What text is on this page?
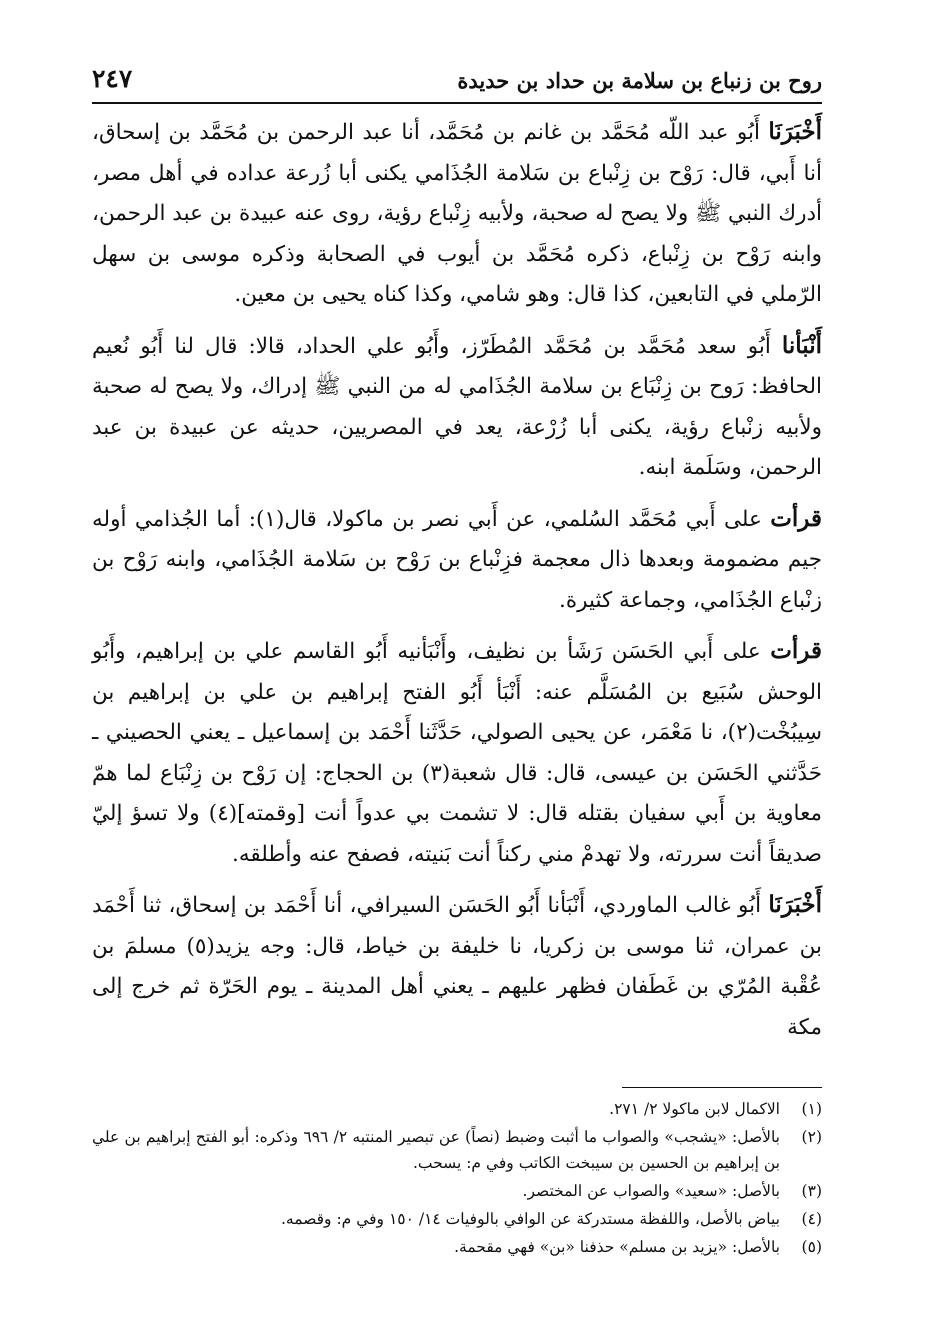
٢٤٧	روح بن زنباع بن سلامة بن حداد بن حديدة

أَخْبَرَنَا أَبُو عبد اللّه مُحَمَّد بن غانم بن مُحَمَّد، أنا عبد الرحمن بن مُحَمَّد بن إسحاق، أنا أَبي، قال: رَوْح بن زِنْباع بن سَلامة الجُذَامي يكنى أبا زُرعة عداده في أهل مصر، أدرك النبي ﷺ ولا يصح له صحبة، ولأبيه زِنْباع رؤية، روى عنه عبيدة بن عبد الرحمن، وابنه رَوْح بن زِنْباع، ذكره مُحَمَّد بن أيوب في الصحابة وذكره موسى بن سهل الرّملي في التابعين، كذا قال: وهو شامي، وكذا كناه يحيى بن معين.

أَنْبَأنا أَبُو سعد مُحَمَّد بن مُحَمَّد المُطَرّز، وأَبُو علي الحداد، قالا: قال لنا أَبُو نُعيم الحافظ: رَوح بن زِنْبَاع بن سلامة الجُذَامي له من النبي ﷺ إدراك، ولا يصح له صحبة ولأبيه زنْباع رؤية، يكنى أبا زُرْعة، يعد في المصريين، حديثه عن عبيدة بن عبد الرحمن، وسَلَمة ابنه.

قرأت على أَبي مُحَمَّد السُلمي، عن أَبي نصر بن ماكولا، قال(١): أما الجُذامي أوله جيم مضمومة وبعدها ذال معجمة فزِنْباع بن رَوْح بن سَلامة الجُذَامي، وابنه رَوْح بن زنْباع الجُذَامي، وجماعة كثيرة.

قرأت على أَبي الحَسَن رَشَأ بن نظيف، وأَنْبَأنيه أَبُو القاسم علي بن إبراهيم، وأَبُو الوحش سُبَيع بن المُسَلَّم عنه: أَنْبَأ أَبُو الفتح إبراهيم بن علي بن إبراهيم بن سِيبُخْت(٢)، نا مَعْمَر، عن يحيى الصولي، حَدَّثَنا أَحْمَد بن إسماعيل ـ يعني الحصيني ـ حَدَّثني الحَسَن بن عيسى، قال: قال شعبة(٣) بن الحجاج: إن رَوْح بن زِنْبَاع لما همّ معاوية بن أَبي سفيان بقتله قال: لا تشمت بي عدواً أنت [وقمته](٤) ولا تسؤ إليّ صديقاً أنت سررته، ولا تهدمْ مني ركناً أنت بَنيته، فصفح عنه وأطلقه.

أَخْبَرَنَا أَبُو غالب الماوردي، أَنْبَأنا أَبُو الحَسَن السيرافي، أنا أَحْمَد بن إسحاق، ثنا أَحْمَد بن عمران، ثنا موسى بن زكريا، نا خليفة بن خياط، قال: وجه يزيد(٥) مسلمَ بن عُقْبة المُرّي بن غَطَفان فظهر عليهم ـ يعني أهل المدينة ـ يوم الحَرّة ثم خرج إلى مكة

(١)
الاكمال لابن ماكولا ٢/ ٢٧١.
(٢)
بالأصل: «يشجب» والصواب ما أثبت وضبط (نصاً) عن تبصير المنتبه ٢/ ٦٩٦ وذكره: أبو الفتح إبراهيم بن علي بن إبراهيم بن الحسين بن سيبخت الكاتب وفي م: يسحب.
(٣)
بالأصل: «سعيد» والصواب عن المختصر.
(٤)
بياض بالأصل، واللفظة مستدركة عن الوافي بالوفيات ١٤/ ١٥٠ وفي م: وقصمه.
(٥)
بالأصل: «يزيد بن مسلم» حذفنا «بن» فهي مقحمة.
